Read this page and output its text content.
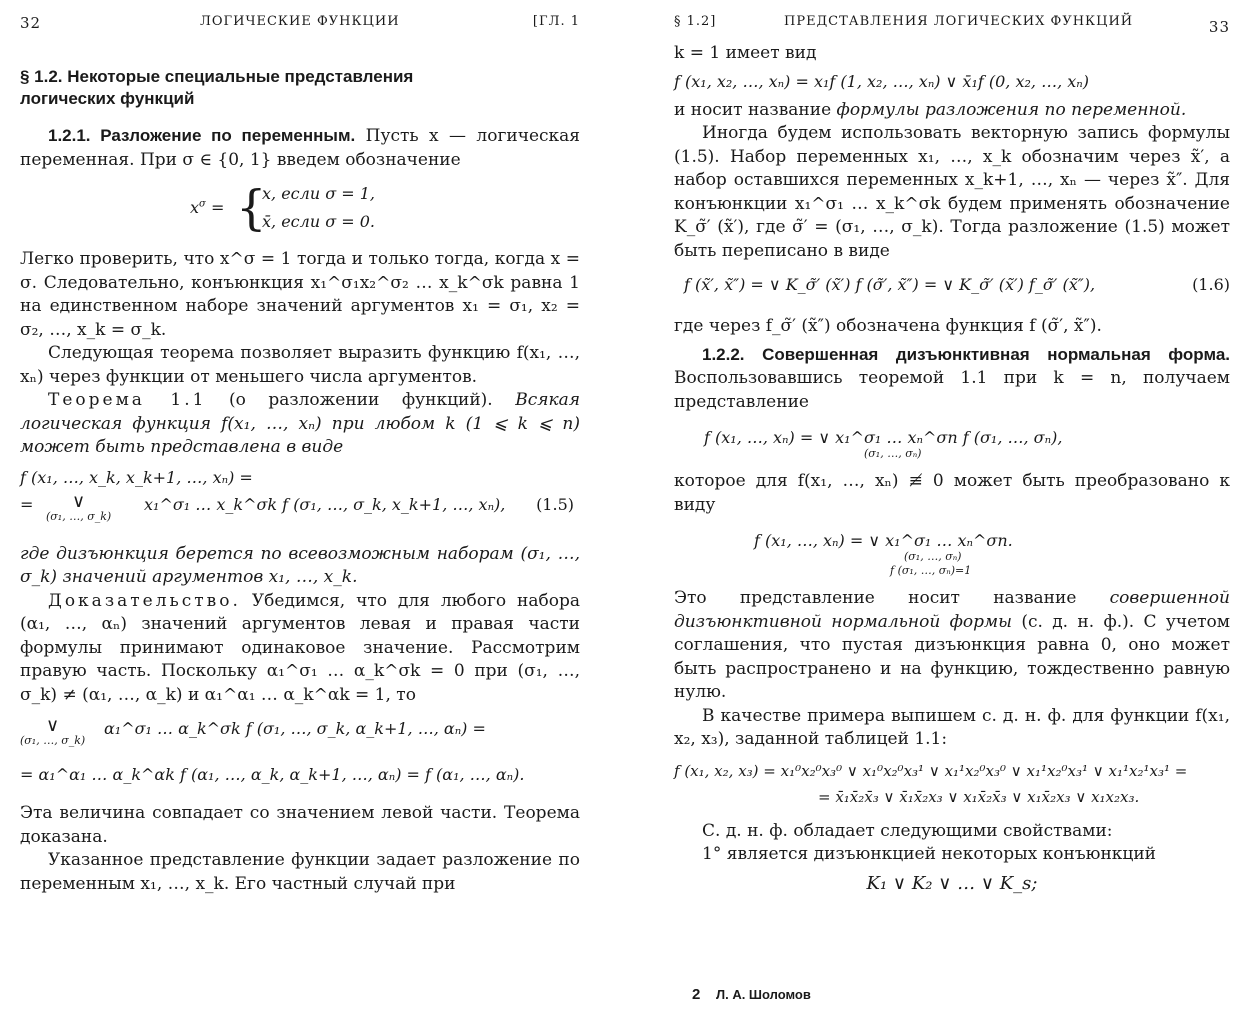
32	ЛОГИЧЕСКИЕ ФУНКЦИИ	[ГЛ. 1

§ 1.2. Некоторые специальные представления логических функций

1.2.1. Разложение по переменным. Пусть x — логическая переменная. При σ ∈ {0, 1} введем обозначение

$x^\sigma$ = {
x, если σ = 1,
x̄, если σ = 0.

Легко проверить, что x^σ = 1 тогда и только тогда, когда x = σ. Следовательно, конъюнкция x₁^σ₁x₂^σ₂ … x_k^σk равна 1 на единственном наборе значений аргументов x₁ = σ₁, x₂ = σ₂, …, x_k = σ_k.

Следующая теорема позволяет выразить функцию f(x₁, …, xₙ) через функции от меньшего числа аргументов.

Теорема 1.1 (о разложении функций). Всякая логическая функция f(x₁, …, xₙ) при любом k (1 ⩽ k ⩽ n) может быть представлена в виде

f (x₁, …, x_k, x_k+1, …, xₙ) =
=	∨
(σ₁, …, σ_k)
x₁^σ₁ … x_k^σk f (σ₁, …, σ_k, x_k+1, …, xₙ), (1.5)

где дизъюнкция берется по всевозможным наборам (σ₁, …, σ_k) значений аргументов x₁, …, x_k.

Доказательство. Убедимся, что для любого набора (α₁, …, αₙ) значений аргументов левая и правая части формулы принимают одинаковое значение. Рассмотрим правую часть. Поскольку α₁^σ₁ … α_k^σk = 0 при (σ₁, …, σ_k) ≠ (α₁, …, α_k) и α₁^α₁ … α_k^αk = 1, то

∨
(σ₁, …, σ_k)
α₁^σ₁ … α_k^σk f (σ₁, …, σ_k, α_k+1, …, αₙ) =
= α₁^α₁ … α_k^αk f (α₁, …, α_k, α_k+1, …, αₙ) = f (α₁, …, αₙ).

Эта величина совпадает со значением левой части. Теорема доказана.

Указанное представление функции задает разложение по переменным x₁, …, x_k. Его частный случай при

§ 1.2]	ПРЕДСТАВЛЕНИЯ ЛОГИЧЕСКИХ ФУНКЦИЙ	33

k = 1 имеет вид

f (x₁, x₂, …, xₙ) = x₁f (1, x₂, …, xₙ) ∨ x̄₁f (0, x₂, …, xₙ)

и носит название формулы разложения по переменной.

Иногда будем использовать векторную запись формулы (1.5). Набор переменных x₁, …, x_k обозначим через x̃′, а набор оставшихся переменных x_k+1, …, xₙ — через x̃″. Для конъюнкции x₁^σ₁ … x_k^σk будем применять обозначение K_σ̃′ (x̃′), где σ̃′ = (σ₁, …, σ_k). Тогда разложение (1.5) может быть переписано в виде

f (x̃′, x̃″) = ∨ K_σ̃′ (x̃′) f (σ̃′, x̃″) = ∨ K_σ̃′ (x̃′) f_σ̃′ (x̃″),	(1.6)

где через f_σ̃′ (x̃″) обозначена функция f (σ̃′, x̃″).

1.2.2. Совершенная дизъюнктивная нормальная форма. Воспользовавшись теоремой 1.1 при k = n, получаем представление

f (x₁, …, xₙ) = ∨ x₁^σ₁ … xₙ^σn f (σ₁, …, σₙ),
(σ₁, …, σₙ)

которое для f(x₁, …, xₙ) ≢ 0 может быть преобразовано к виду

f (x₁, …, xₙ) = ∨ x₁^σ₁ … xₙ^σn.
(σ₁, …, σₙ)
f (σ₁, …, σₙ)=1

Это представление носит название совершенной дизъюнктивной нормальной формы (с. д. н. ф.). С учетом соглашения, что пустая дизъюнкция равна 0, оно может быть распространено и на функцию, тождественно равную нулю.

В качестве примера выпишем с. д. н. ф. для функции f(x₁, x₂, x₃), заданной таблицей 1.1:

f (x₁, x₂, x₃) = x₁⁰x₂⁰x₃⁰ ∨ x₁⁰x₂⁰x₃¹ ∨ x₁¹x₂⁰x₃⁰ ∨ x₁¹x₂⁰x₃¹ ∨ x₁¹x₂¹x₃¹ =
= x̄₁x̄₂x̄₃ ∨ x̄₁x̄₂x₃ ∨ x₁x̄₂x̄₃ ∨ x₁x̄₂x₃ ∨ x₁x₂x₃.

С. д. н. ф. обладает следующими свойствами:

1° является дизъюнкцией некоторых конъюнкций

K₁ ∨ K₂ ∨ … ∨ K_s;
2 Л. А. Шоломов
